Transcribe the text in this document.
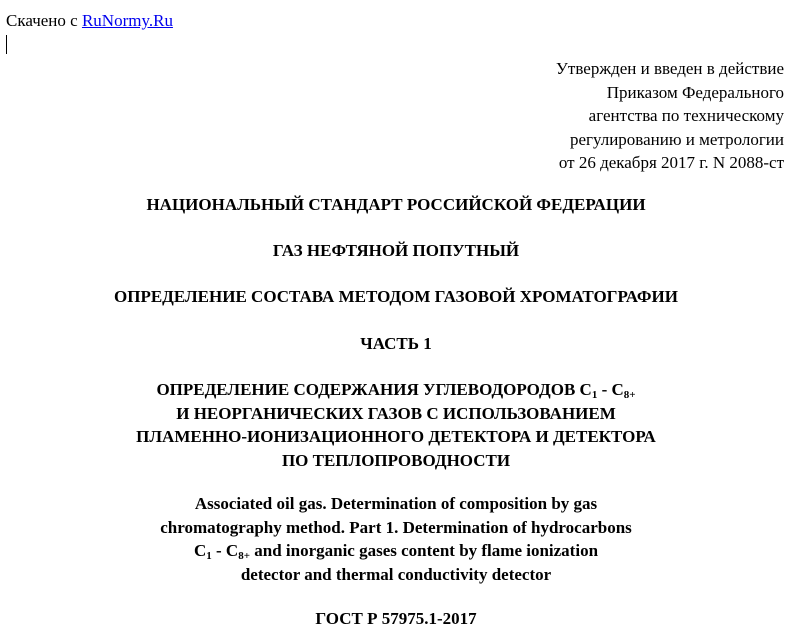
Скачено с RuNormy.Ru
Утвержден и введен в действие
Приказом Федерального
агентства по техническому
регулированию и метрологии
от 26 декабря 2017 г. N 2088-ст
НАЦИОНАЛЬНЫЙ СТАНДАРТ РОССИЙСКОЙ ФЕДЕРАЦИИ
ГАЗ НЕФТЯНОЙ ПОПУТНЫЙ
ОПРЕДЕЛЕНИЕ СОСТАВА МЕТОДОМ ГАЗОВОЙ ХРОМАТОГРАФИИ
ЧАСТЬ 1
ОПРЕДЕЛЕНИЕ СОДЕРЖАНИЯ УГЛЕВОДОРОДОВ $C_1 - C_{8+}$
И НЕОРГАНИЧЕСКИХ ГАЗОВ С ИСПОЛЬЗОВАНИЕМ
ПЛАМЕННО-ИОНИЗАЦИОННОГО ДЕТЕКТОРА И ДЕТЕКТОРА
ПО ТЕПЛОПРОВОДНОСТИ
Associated oil gas. Determination of composition by gas
chromatography method. Part 1. Determination of hydrocarbons
$C_1 - C_{8+}$ and inorganic gases content by flame ionization
detector and thermal conductivity detector
ГОСТ Р 57975.1-2017
